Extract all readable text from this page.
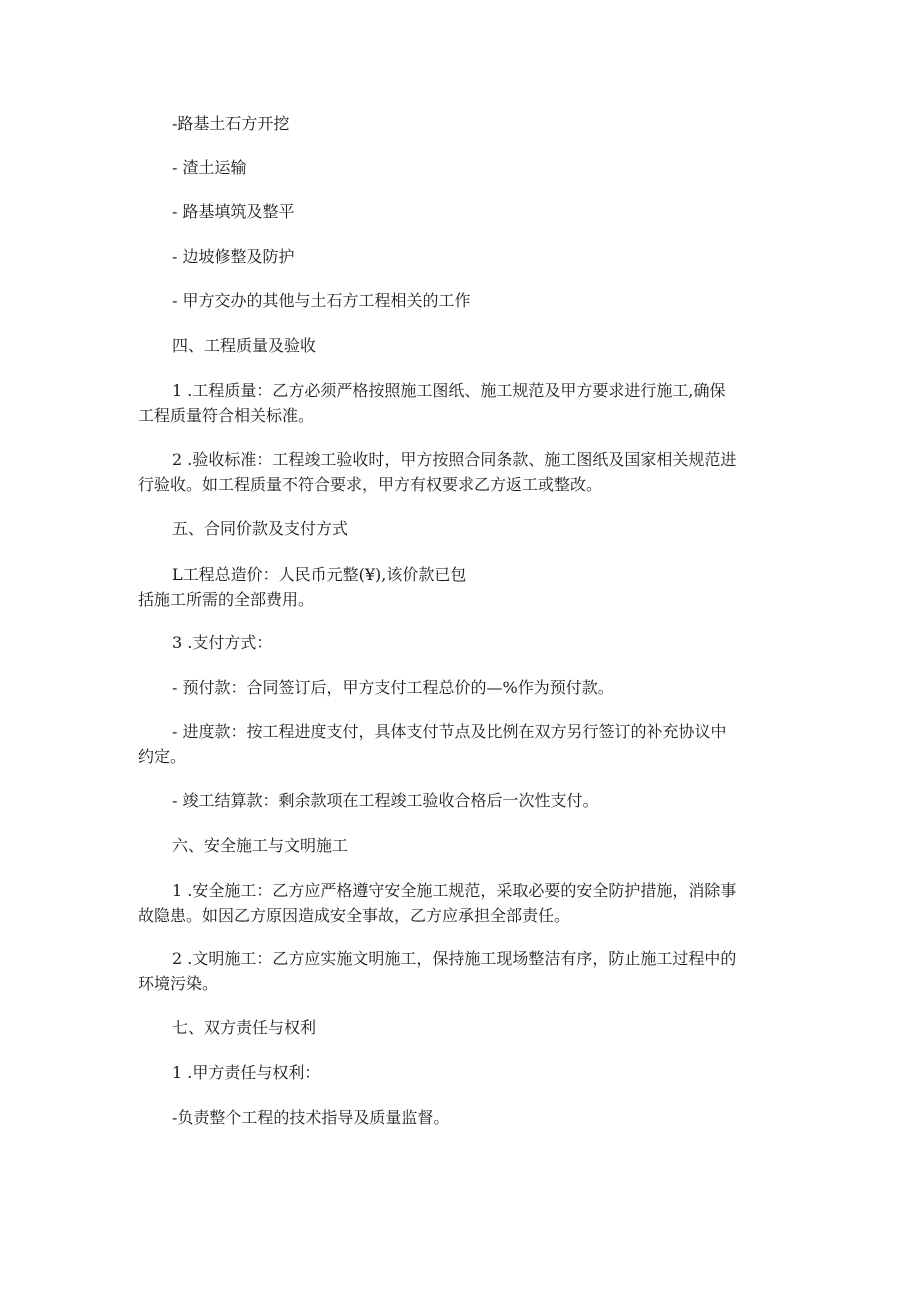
-路基土石方开挖
- 渣土运输
- 路基填筑及整平
- 边坡修整及防护
- 甲方交办的其他与土石方工程相关的工作
四、工程质量及验收
1 .工程质量：乙方必须严格按照施工图纸、施工规范及甲方要求进行施工,确保
工程质量符合相关标准。
2 .验收标准：工程竣工验收时，甲方按照合同条款、施工图纸及国家相关规范进
行验收。如工程质量不符合要求，甲方有权要求乙方返工或整改。
五、合同价款及支付方式
L工程总造价：人民币元整(¥),该价款已包
括施工所需的全部费用。
3 .支付方式：
- 预付款：合同签订后，甲方支付工程总价的—%作为预付款。
- 进度款：按工程进度支付，具体支付节点及比例在双方另行签订的补充协议中
约定。
- 竣工结算款：剩余款项在工程竣工验收合格后一次性支付。
六、安全施工与文明施工
1 .安全施工：乙方应严格遵守安全施工规范，采取必要的安全防护措施，消除事
故隐患。如因乙方原因造成安全事故，乙方应承担全部责任。
2 .文明施工：乙方应实施文明施工，保持施工现场整洁有序，防止施工过程中的
环境污染。
七、双方责任与权利
1 .甲方责任与权利：
-负责整个工程的技术指导及质量监督。
